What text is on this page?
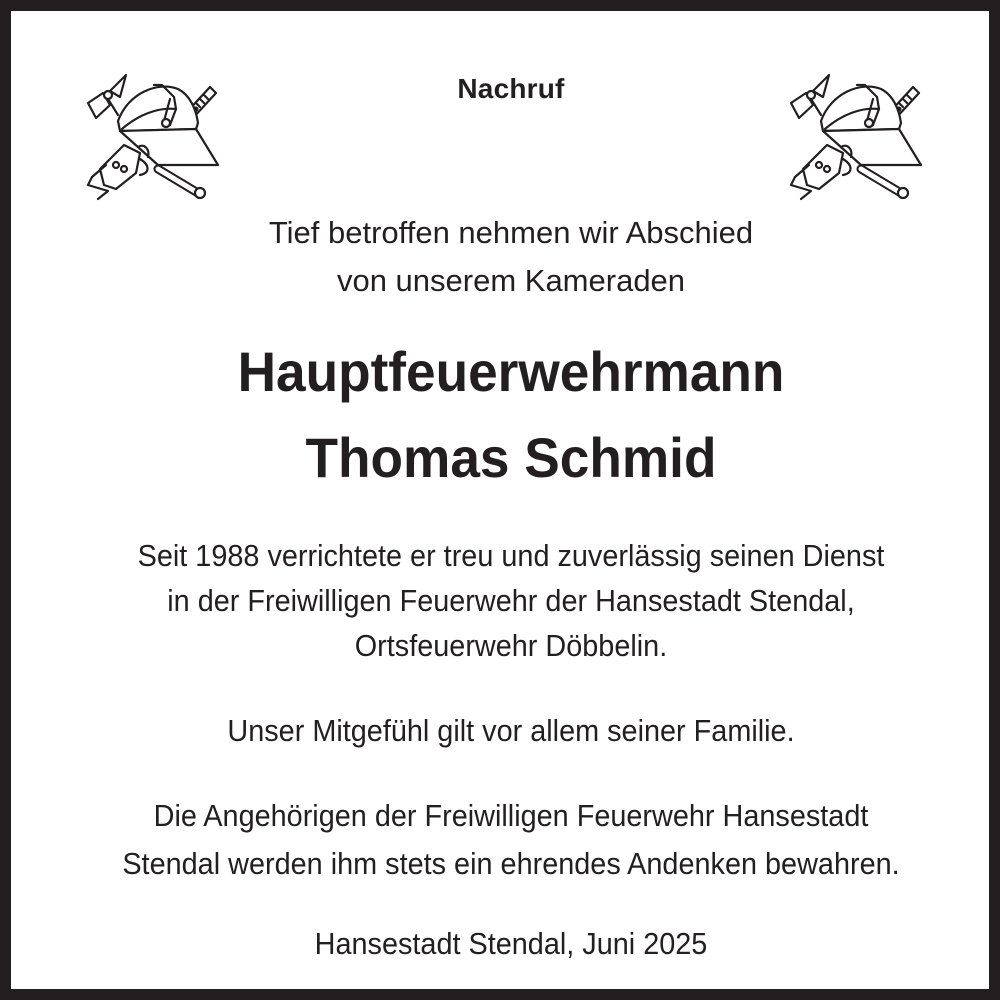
Nachruf
Tief betroffen nehmen wir Abschied
von unserem Kameraden
Hauptfeuerwehrmann
Thomas Schmid
Seit 1988 verrichtete er treu und zuverlässig seinen Dienst
in der Freiwilligen Feuerwehr der Hansestadt Stendal,
Ortsfeuerwehr Döbbelin.
Unser Mitgefühl gilt vor allem seiner Familie.
Die Angehörigen der Freiwilligen Feuerwehr Hansestadt
Stendal werden ihm stets ein ehrendes Andenken bewahren.
Hansestadt Stendal, Juni 2025
